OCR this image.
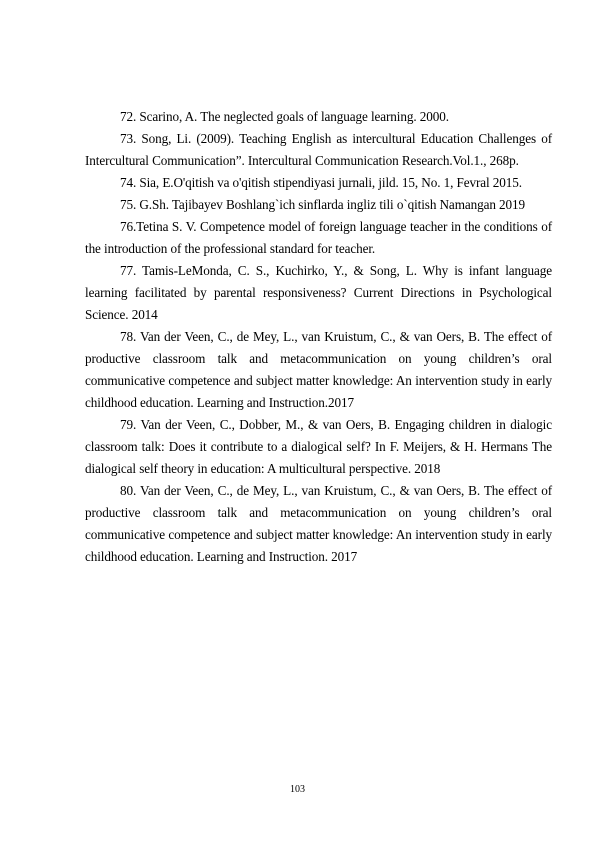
72. Scarino, A. The neglected goals of language learning. 2000.

73. Song, Li. (2009). Teaching English as intercultural Education Challenges of Intercultural Communication”. Intercultural Communication Research.Vol.1., 268p.

74. Sia, E.O'qitish va o'qitish stipendiyasi jurnali, jild. 15, No. 1, Fevral 2015.

75. G.Sh. Tajibayev Boshlang`ich sinflarda ingliz tili o`qitish Namangan 2019

76.Tetina S. V. Competence model of foreign language teacher in the conditions of the introduction of the professional standard for teacher.

77. Tamis-LeMonda, C. S., Kuchirko, Y., & Song, L. Why is infant language learning facilitated by parental responsiveness? Current Directions in Psychological Science. 2014

78. Van der Veen, C., de Mey, L., van Kruistum, C., & van Oers, B. The effect of productive classroom talk and metacommunication on young children’s oral communicative competence and subject matter knowledge: An intervention study in early childhood education. Learning and Instruction.2017

79. Van der Veen, C., Dobber, M., & van Oers, B. Engaging children in dialogic classroom talk: Does it contribute to a dialogical self? In F. Meijers, & H. Hermans The dialogical self theory in education: A multicultural perspective. 2018

80. Van der Veen, C., de Mey, L., van Kruistum, C., & van Oers, B. The effect of productive classroom talk and metacommunication on young children’s oral communicative competence and subject matter knowledge: An intervention study in early childhood education. Learning and Instruction. 2017

103
